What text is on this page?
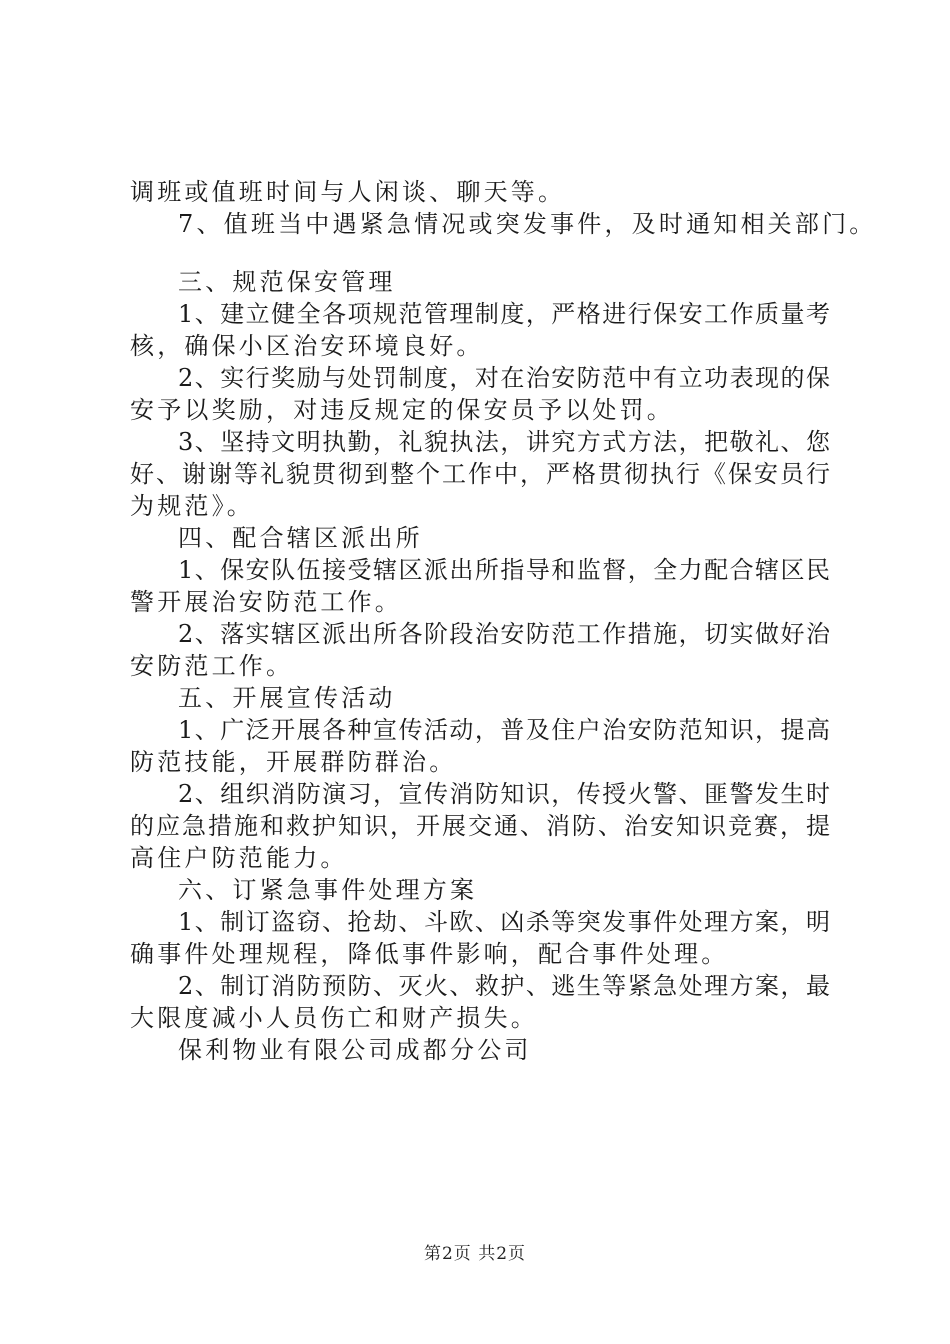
调班或值班时间与人闲谈、聊天等。
7、值班当中遇紧急情况或突发事件，及时通知相关部门。
三、规范保安管理
1、建立健全各项规范管理制度，严格进行保安工作质量考
核，确保小区治安环境良好。
2、实行奖励与处罚制度，对在治安防范中有立功表现的保
安予以奖励，对违反规定的保安员予以处罚。
3、坚持文明执勤，礼貌执法，讲究方式方法，把敬礼、您
好、谢谢等礼貌贯彻到整个工作中，严格贯彻执行《保安员行
为规范》。
四、配合辖区派出所
1、保安队伍接受辖区派出所指导和监督，全力配合辖区民
警开展治安防范工作。
2、落实辖区派出所各阶段治安防范工作措施，切实做好治
安防范工作。
五、开展宣传活动
1、广泛开展各种宣传活动，普及住户治安防范知识，提高
防范技能，开展群防群治。
2、组织消防演习，宣传消防知识，传授火警、匪警发生时
的应急措施和救护知识，开展交通、消防、治安知识竞赛，提
高住户防范能力。
六、订紧急事件处理方案
1、制订盗窃、抢劫、斗欧、凶杀等突发事件处理方案，明
确事件处理规程，降低事件影响，配合事件处理。
2、制订消防预防、灭火、救护、逃生等紧急处理方案，最
大限度减小人员伤亡和财产损失。
保利物业有限公司成都分公司
第2页 共2页
